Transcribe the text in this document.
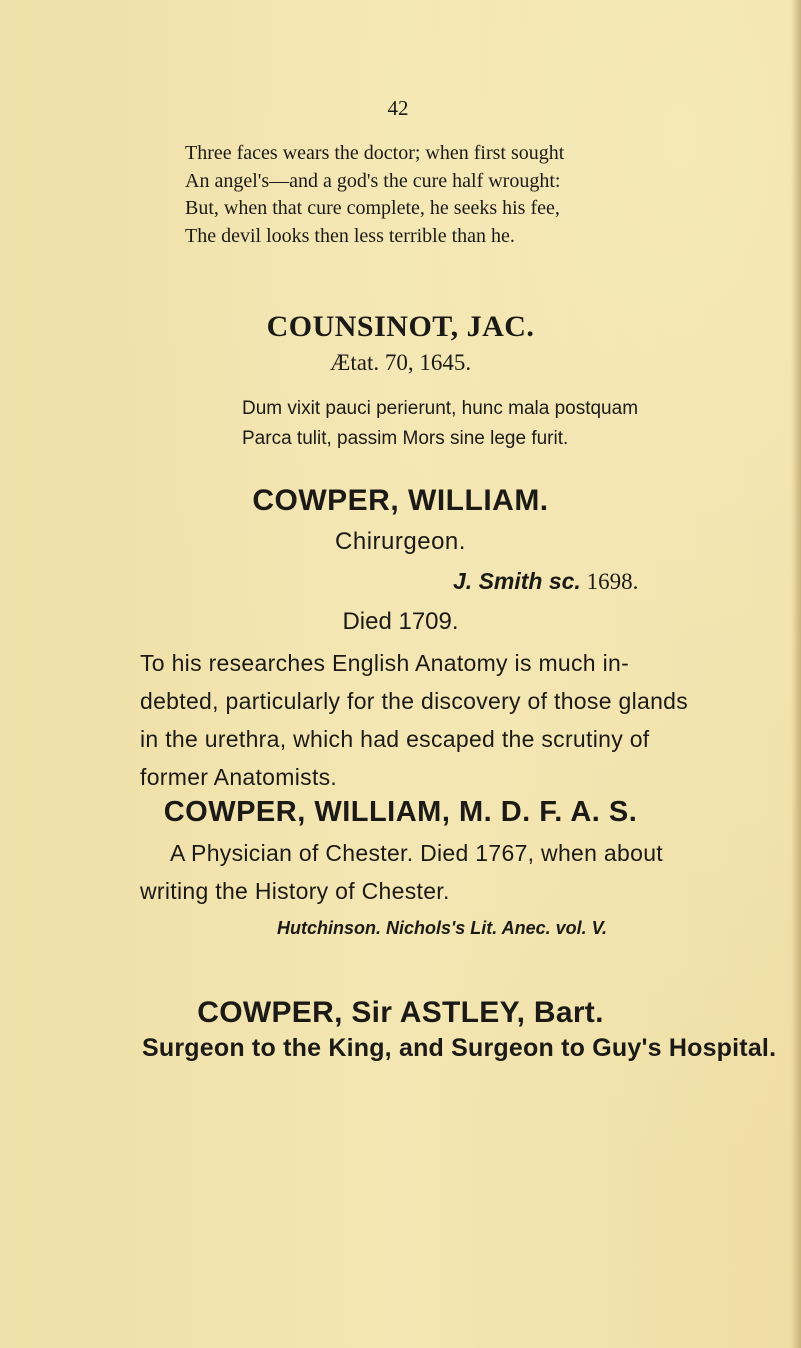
42
Three faces wears the doctor; when first sought
An angel's—and a god's the cure half wrought:
But, when that cure complete, he seeks his fee,
The devil looks then less terrible than he.
COUNSINOT, JAC.
Ætat. 70, 1645.
Dum vixit pauci perierunt, hunc mala postquam
Parca tulit, passim Mors sine lege furit.
COWPER, WILLIAM.
Chirurgeon.
J. Smith sc. 1698.
Died 1709.
To his researches English Anatomy is much in-
debted, particularly for the discovery of those glands
in the urethra, which had escaped the scrutiny of
former Anatomists.
COWPER, WILLIAM, M. D. F. A. S.
A Physician of Chester. Died 1767, when about
writing the History of Chester.
Hutchinson. Nichols's Lit. Anec. vol. V.
COWPER, Sir ASTLEY, Bart.
Surgeon to the King, and Surgeon to Guy's Hospital.
